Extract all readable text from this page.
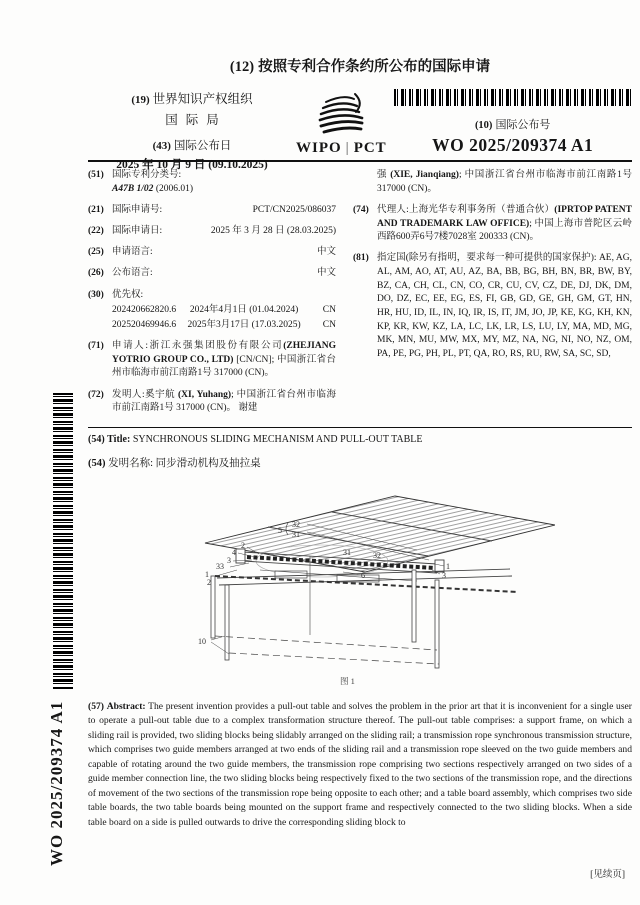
WO 2025/209374 A1
(12) 按照专利合作条约所公布的国际申请
(19) 世界知识产权组织
国际局
(43) 国际公布日
2025 年 10 月 9 日 (09.10.2025)
WIPO | PCT
(10) 国际公布号
WO 2025/209374 A1
(51) 国际专利分类号:
A47B 1/02 (2006.01)
(21) 国际申请号:	PCT/CN2025/086037
(22) 国际申请日:	2025 年 3 月 28 日 (28.03.2025)
(25) 申请语言:	中文
(26) 公布语言:	中文
(30) 优先权:
202420662820.6	2024年4月1日 (01.04.2024)	CN
202520469946.6	2025年3月17日 (17.03.2025)	CN
(71) 申请人:浙江永强集团股份有限公司(ZHEJIANG YOTRIO GROUP CO., LTD) [CN/CN]; 中国浙江省台州市临海市前江南路1号 317000 (CN)。
(72) 发明人:奚宇航 (XI, Yuhang); 中国浙江省台州市临海市前江南路1号 317000 (CN)。 谢建
强 (XIE, Jianqiang); 中国浙江省台州市临海市前江南路1号 317000 (CN)。
(74) 代理人:上海光华专利事务所（普通合伙）(IPRTOP PATENT AND TRADEMARK LAW OFFICE); 中国上海市普陀区云岭西路600弄6号7楼7028室 200333 (CN)。
(81) 指定国(除另有指明，要求每一种可提供的国家保护): AE, AG, AL, AM, AO, AT, AU, AZ, BA, BB, BG, BH, BN, BR, BW, BY, BZ, CA, CH, CL, CN, CO, CR, CU, CV, CZ, DE, DJ, DK, DM, DO, DZ, EC, EE, EG, ES, FI, GB, GD, GE, GH, GM, GT, HN, HR, HU, ID, IL, IN, IQ, IR, IS, IT, JM, JO, JP, KE, KG, KH, KN, KP, KR, KW, KZ, LA, LC, LK, LR, LS, LU, LY, MA, MD, MG, MK, MN, MU, MW, MX, MY, MZ, NA, NG, NI, NO, NZ, OM, PA, PE, PG, PH, PL, PT, QA, RO, RS, RU, RW, SA, SC, SD,
(54) Title: SYNCHRONOUS SLIDING MECHANISM AND PULL-OUT TABLE
(54) 发明名称: 同步滑动机构及抽拉桌
5
32
31
2
4
3
33
1
2
31	32
1
3
6
10
图 1
(57) Abstract: The present invention provides a pull-out table and solves the problem in the prior art that it is inconvenient for a single user to operate a pull-out table due to a complex transformation structure thereof. The pull-out table comprises: a support frame, on which a sliding rail is provided, two sliding blocks being slidably arranged on the sliding rail; a transmission rope synchronous transmission structure, which comprises two guide members arranged at two ends of the sliding rail and a transmission rope sleeved on the two guide members and capable of rotating around the two guide members, the transmission rope comprising two sections respectively arranged on two sides of a guide member connection line, the two sliding blocks being respectively fixed to the two sections of the transmission rope, and the directions of movement of the two sections of the transmission rope being opposite to each other; and a table board assembly, which comprises two side table boards, the two table boards being mounted on the support frame and respectively connected to the two sliding blocks. When a side table board on a side is pulled outwards to drive the corresponding sliding block to
[见续页]
